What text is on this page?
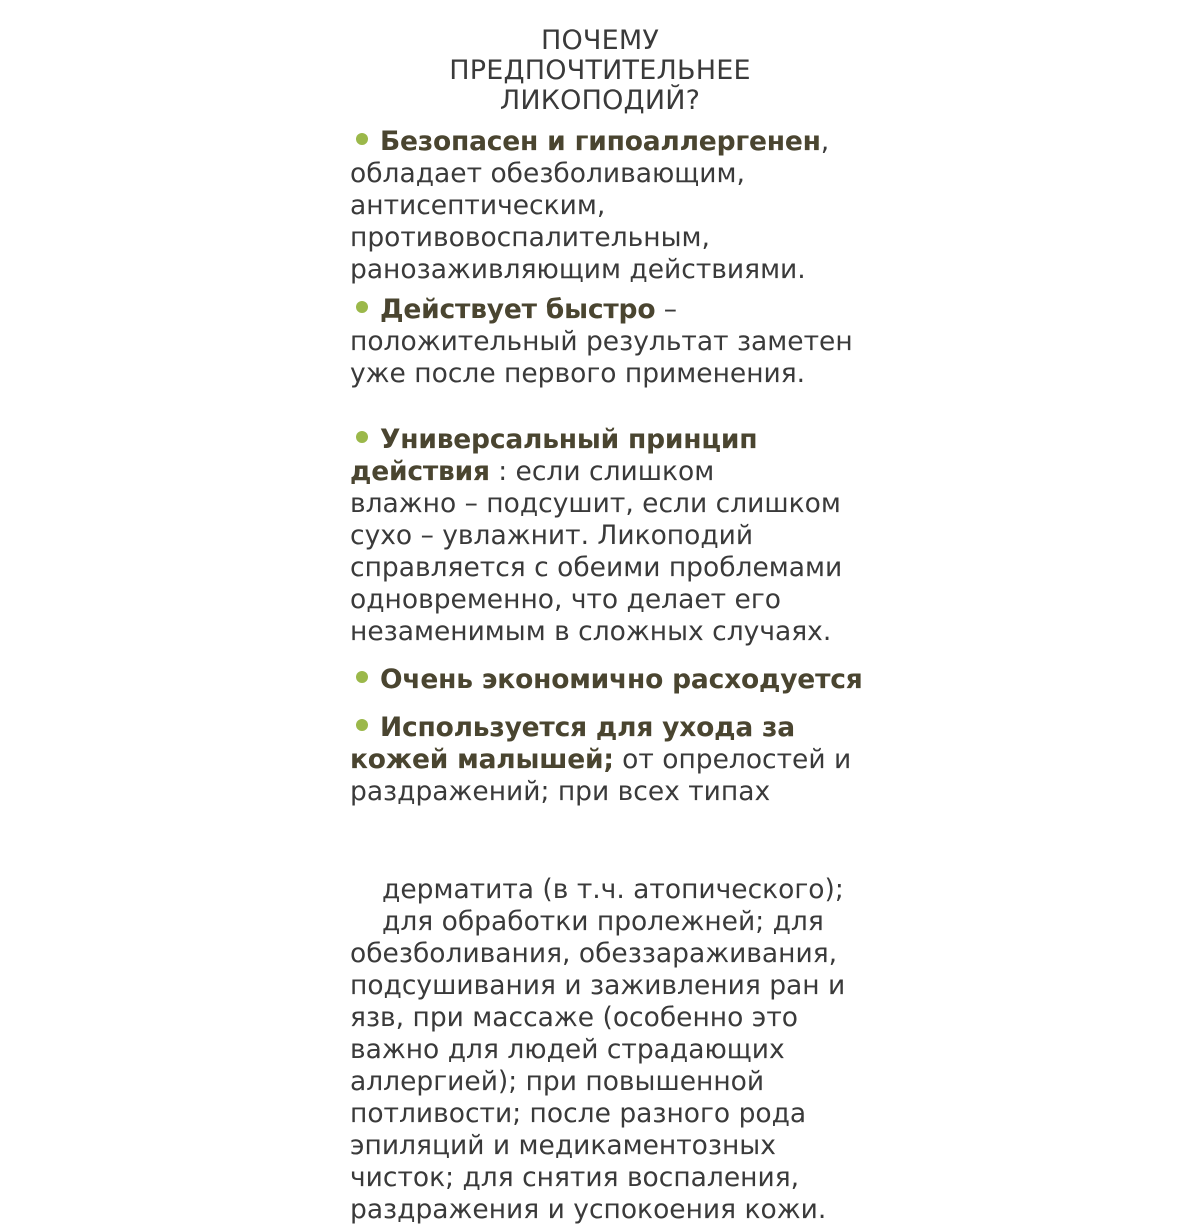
ПОЧЕМУ
ПРЕДПОЧТИТЕЛЬНЕЕ
ЛИКОПОДИЙ?
Безопасен и гипоаллергенен,
обладает обезболивающим,
антисептическим,
противовоспалительным,
ранозаживляющим действиями.
Действует быстро –
положительный результат заметен
уже после первого применения.
Универсальный принцип
действия : если слишком
влажно – подсушит, если слишком
сухо – увлажнит. Ликоподий
справляется с обеими проблемами
одновременно, что делает его
незаменимым в сложных случаях.
Очень экономично расходуется
Используется для ухода за
кожей малышей; от опрелостей и
раздражений; при всех типах
дерматита (в т.ч. атопического);
для обработки пролежней; для
обезболивания, обеззараживания,
подсушивания и заживления ран и
язв, при массаже (особенно это
важно для людей страдающих
аллергией); при повышенной
потливости; после разного рода
эпиляций и медикаментозных
чисток; для снятия воспаления,
раздражения и успокоения кожи.
